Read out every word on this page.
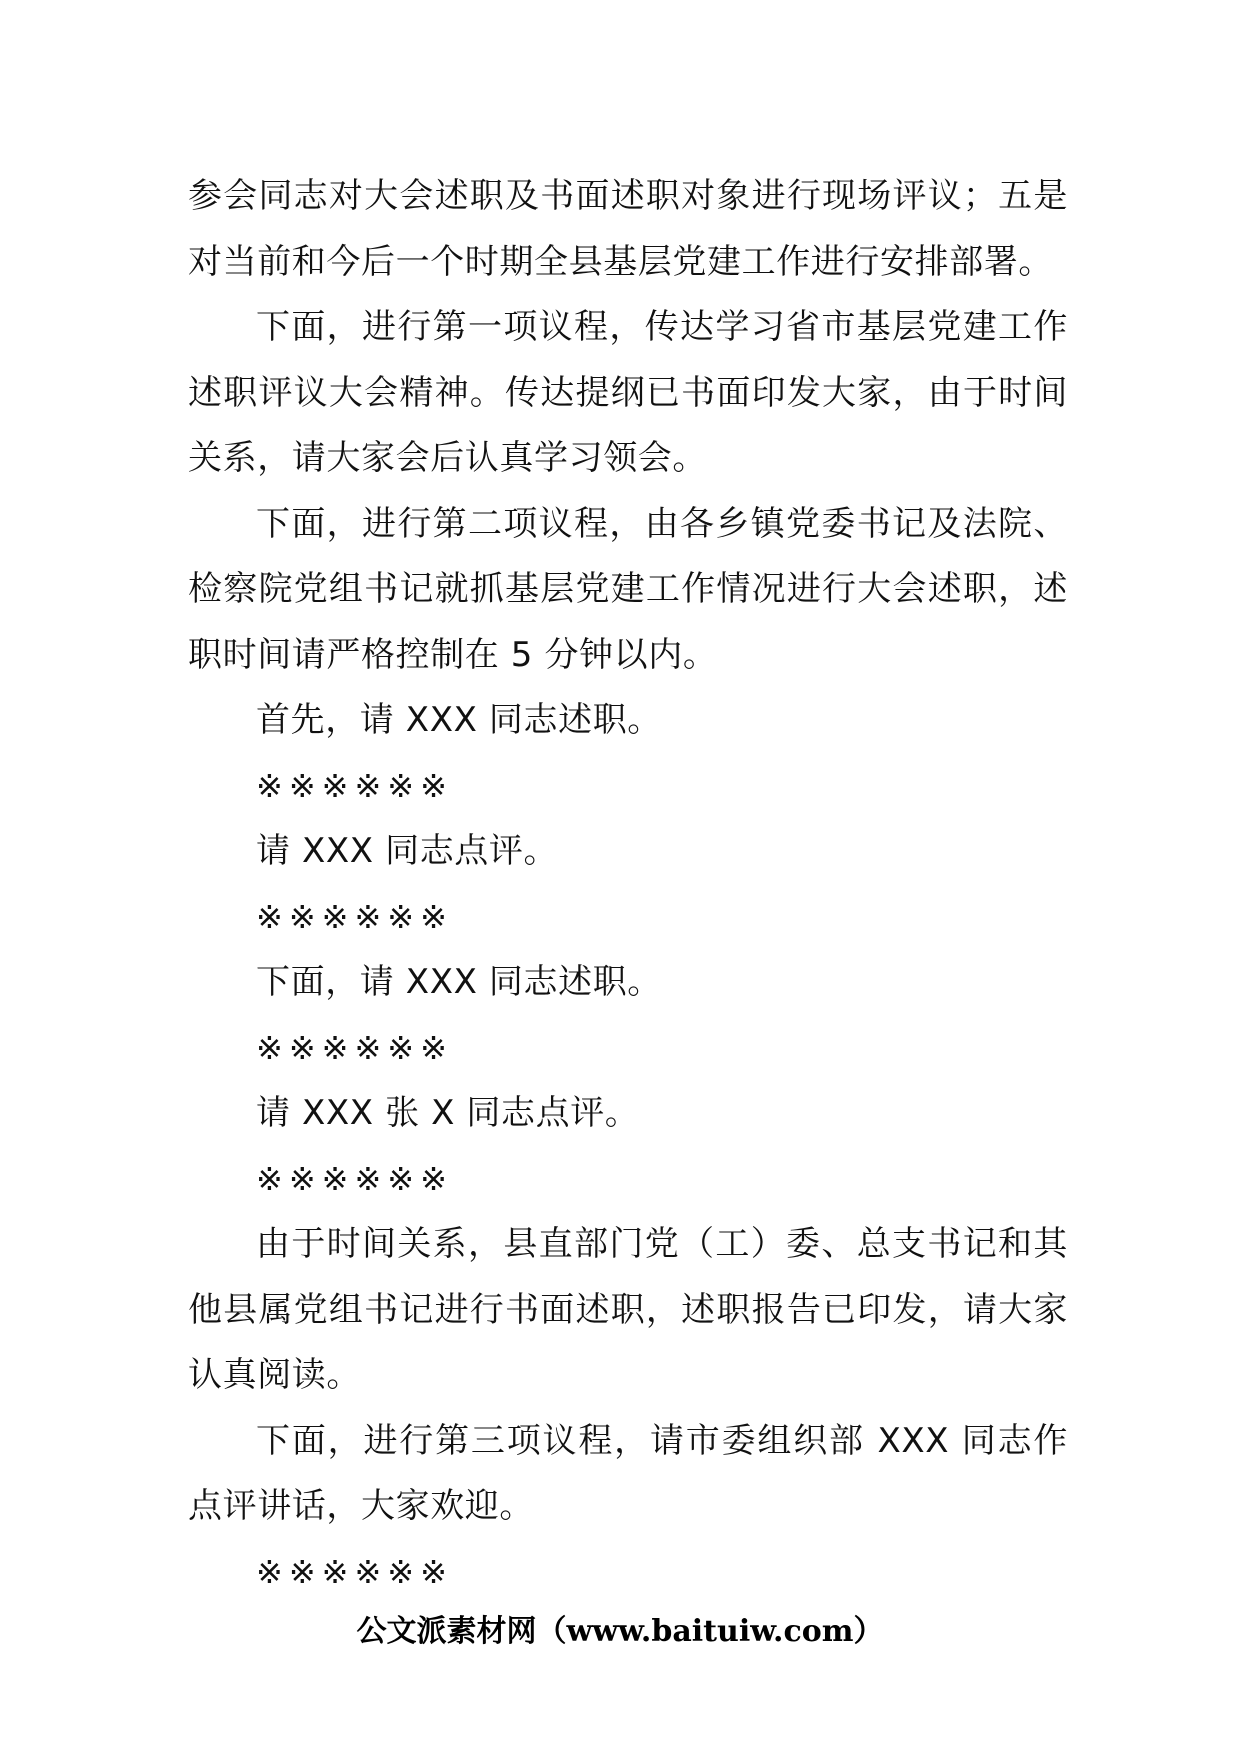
参会同志对大会述职及书面述职对象进行现场评议；五是对当前和今后一个时期全县基层党建工作进行安排部署。

下面，进行第一项议程，传达学习省市基层党建工作述职评议大会精神。传达提纲已书面印发大家，由于时间关系，请大家会后认真学习领会。

下面，进行第二项议程，由各乡镇党委书记及法院、检察院党组书记就抓基层党建工作情况进行大会述职，述职时间请严格控制在 5 分钟以内。

首先，请 XXX 同志述职。

※※※※※※

请 XXX 同志点评。

※※※※※※

下面，请 XXX 同志述职。

※※※※※※

请 XXX 张 X 同志点评。

※※※※※※

由于时间关系，县直部门党（工）委、总支书记和其他县属党组书记进行书面述职，述职报告已印发，请大家认真阅读。

下面，进行第三项议程，请市委组织部 XXX 同志作点评讲话，大家欢迎。

※※※※※※

公文派素材网（www.baituiw.com）
